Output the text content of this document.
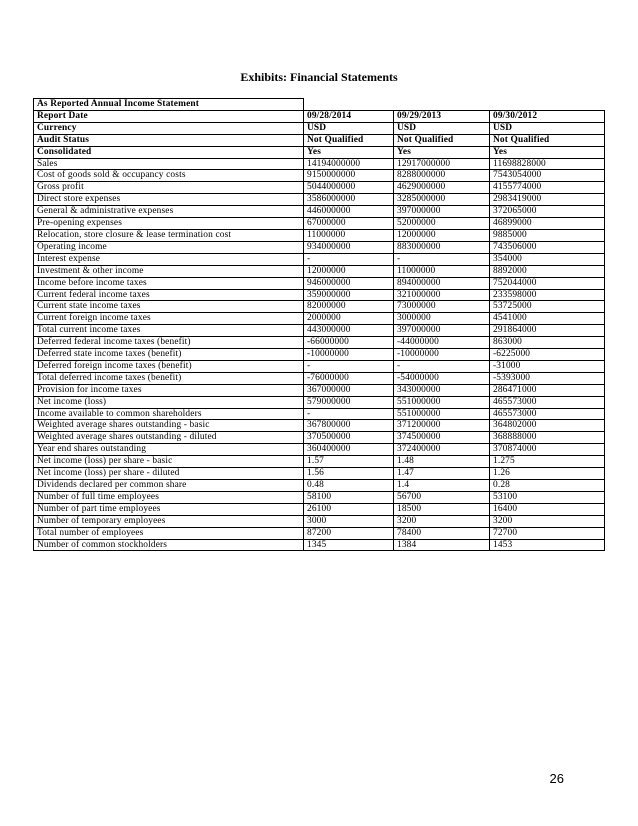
Exhibits: Financial Statements
As Reported Annual Income Statement			
Report Date	09/28/2014	09/29/2013	09/30/2012
Currency	USD	USD	USD
Audit Status	Not Qualified	Not Qualified	Not Qualified
Consolidated	Yes	Yes	Yes
Sales	14194000000	12917000000	11698828000
Cost of goods sold & occupancy costs	9150000000	8288000000	7543054000
Gross profit	5044000000	4629000000	4155774000
Direct store expenses	3586000000	3285000000	2983419000
General & administrative expenses	446000000	397000000	372065000
Pre-opening expenses	67000000	52000000	46899000
Relocation, store closure & lease termination cost	11000000	12000000	9885000
Operating income	934000000	883000000	743506000
Interest expense	-	-	354000
Investment & other income	12000000	11000000	8892000
Income before income taxes	946000000	894000000	752044000
Current federal income taxes	359000000	321000000	233598000
Current state income taxes	82000000	73000000	53725000
Current foreign income taxes	2000000	3000000	4541000
Total current income taxes	443000000	397000000	291864000
Deferred federal income taxes (benefit)	-66000000	-44000000	863000
Deferred state income taxes (benefit)	-10000000	-10000000	-6225000
Deferred foreign income taxes (benefit)	-	-	-31000
Total deferred income taxes (benefit)	-76000000	-54000000	-5393000
Provision for income taxes	367000000	343000000	286471000
Net income (loss)	579000000	551000000	465573000
Income available to common shareholders	-	551000000	465573000
Weighted average shares outstanding - basic	367800000	371200000	364802000
Weighted average shares outstanding - diluted	370500000	374500000	368888000
Year end shares outstanding	360400000	372400000	370874000
Net income (loss) per share - basic	1.57	1.48	1.275
Net income (loss) per share - diluted	1.56	1.47	1.26
Dividends declared per common share	0.48	1.4	0.28
Number of full time employees	58100	56700	53100
Number of part time employees	26100	18500	16400
Number of temporary employees	3000	3200	3200
Total number of employees	87200	78400	72700
Number of common stockholders	1345	1384	1453
26
